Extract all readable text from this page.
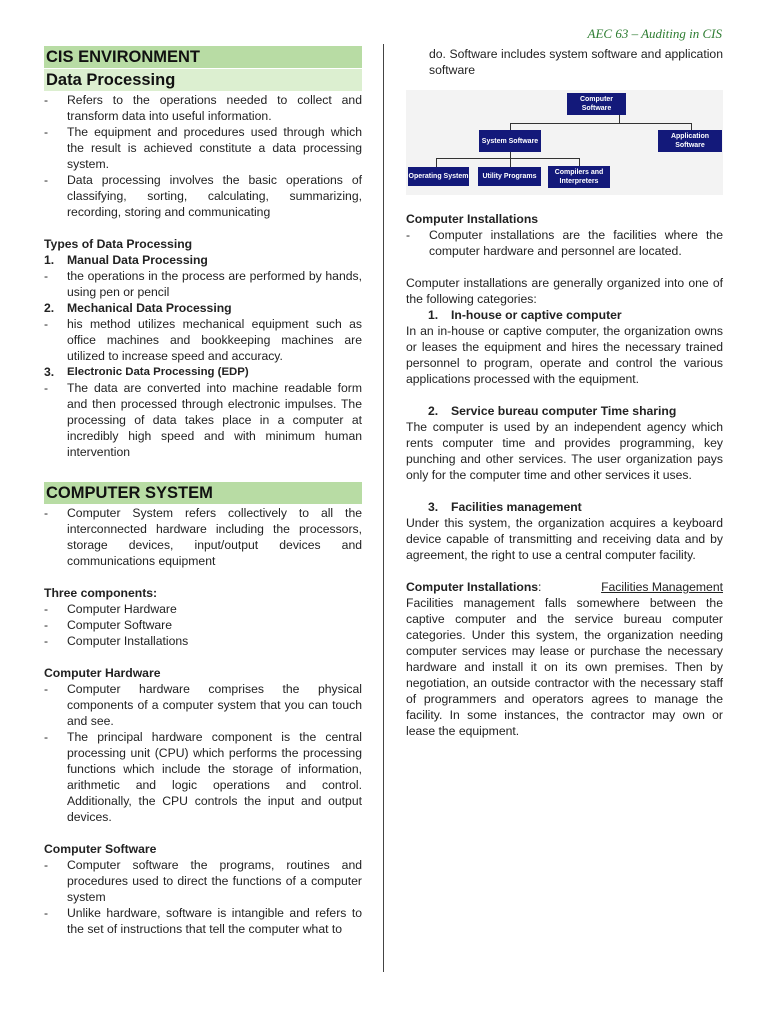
AEC 63 – Auditing in CIS
CIS ENVIRONMENT
Data Processing
-	Refers to the operations needed to collect and transform data into useful information.
-	The equipment and procedures used through which the result is achieved constitute a data processing system.
-	Data processing involves the basic operations of classifying, sorting, calculating, summarizing, recording, storing and communicating
Types of Data Processing
1.	Manual Data Processing
-	the operations in the process are performed by hands, using pen or pencil
2.	Mechanical Data Processing
-	his method utilizes mechanical equipment such as office machines and bookkeeping machines are utilized to increase speed and accuracy.
3.	Electronic Data Processing (EDP)
-	The data are converted into machine readable form and then processed through electronic impulses. The processing of data takes place in a computer at incredibly high speed and with minimum human intervention
COMPUTER SYSTEM
-	Computer System refers collectively to all the interconnected hardware including the processors, storage devices, input/output devices and communications equipment
Three components:
-	Computer Hardware
-	Computer Software
-	Computer Installations
Computer Hardware
-	Computer hardware comprises the physical components of a computer system that you can touch and see.
-	The principal hardware component is the central processing unit (CPU) which performs the processing functions which include the storage of information, arithmetic and logic operations and control. Additionally, the CPU controls the input and output devices.
Computer Software
-	Computer software the programs, routines and procedures used to direct the functions of a computer system
-	Unlike hardware, software is intangible and refers to the set of instructions that tell the computer what to
do. Software includes system software and application software
Computer Software
System Software
Application Software
Operating System	Utility Programs
Compilers and Interpreters
Computer Installations
-	Computer installations are the facilities where the computer hardware and personnel are located.
Computer installations are generally organized into one of the following categories:
1.	In-house or captive computer
In an in-house or captive computer, the organization owns or leases the equipment and hires the necessary trained personnel to program, operate and control the various applications processed with the equipment.
2.	Service bureau computer Time sharing
The computer is used by an independent agency which rents computer time and provides programming, key punching and other services. The user organization pays only for the computer time and other services it uses.
3.	Facilities management
Under this system, the organization acquires a keyboard device capable of transmitting and receiving data and by agreement, the right to use a central computer facility.
Computer Installations:	Facilities Management
Facilities management falls somewhere between the captive computer and the service bureau computer categories. Under this system, the organization needing computer services may lease or purchase the necessary hardware and install it on its own premises. Then by negotiation, an outside contractor with the necessary staff of programmers and operators agrees to manage the facility. In some instances, the contractor may own or lease the equipment.
